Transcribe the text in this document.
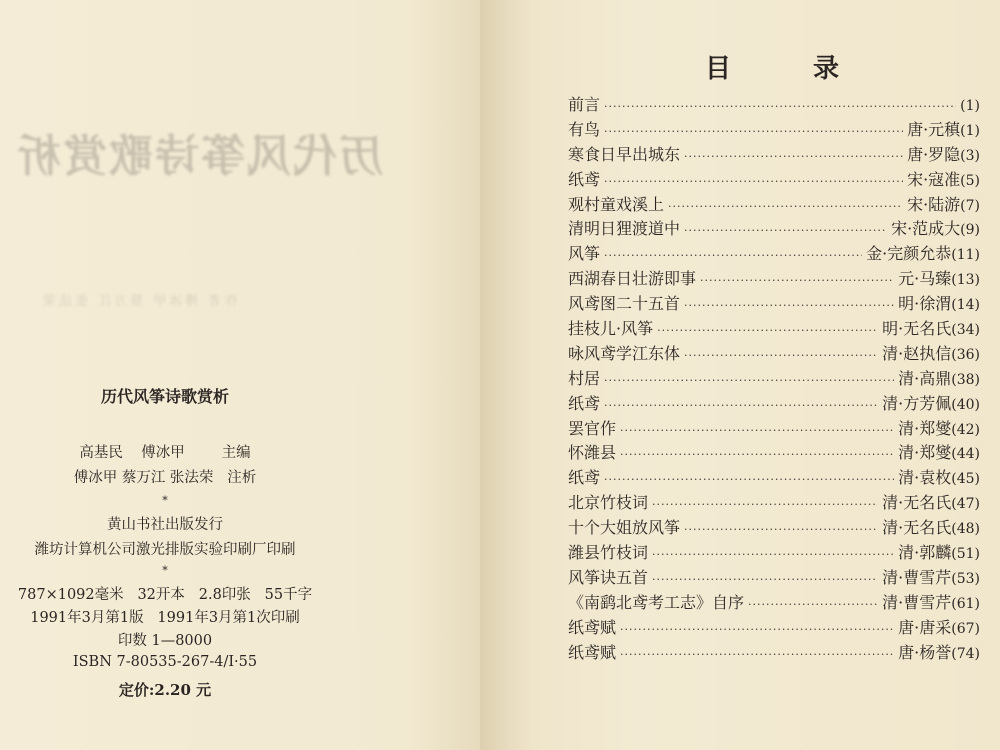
历代风筝诗歌赏析
作者 傅冰甲 蔡万江 张法荣
历代风筝诗歌赏析
高基民    傅冰甲        主编
傅冰甲 蔡万江 张法荣   注析
*
黄山书社出版发行
潍坊计算机公司激光排版实验印刷厂印刷
*
787×1092毫米   32开本   2.8印张   55千字
1991年3月第1版   1991年3月第1次印刷
印数 1—8000
ISBN 7-80535-267-4/I·55
定价:2.20 元
目	录
前言 ·····	(1)
有鸟 ·····	唐·元稹 (1)
寒食日早出城东 ·····	唐·罗隐 (3)
纸鸢 ·····	宋·寇准 (5)
观村童戏溪上 ·····	宋·陆游 (7)
清明日狸渡道中 ·····	宋·范成大 (9)
风筝 ·····	金·完颜允恭 (11)
西湖春日壮游即事 ·····	元·马臻 (13)
风鸢图二十五首 ·····	明·徐渭 (14)
挂枝儿·风筝 ·····	明·无名氏 (34)
咏风鸢学江东体 ·····	清·赵执信 (36)
村居 ·····	清·高鼎 (38)
纸鸢 ·····	清·方芳佩 (40)
罢官作 ·····	清·郑燮 (42)
怀潍县 ·····	清·郑燮 (44)
纸鸢 ·····	清·袁枚 (45)
北京竹枝词 ·····	清·无名氏 (47)
十个大姐放风筝 ·····	清·无名氏 (48)
潍县竹枝词 ·····	清·郭麟 (51)
风筝诀五首 ·····	清·曹雪芹 (53)
《南鹞北鸢考工志》自序 ·····	清·曹雪芹 (61)
纸鸢赋 ·····	唐·唐采 (67)
纸鸢赋 ·····	唐·杨誉 (74)
